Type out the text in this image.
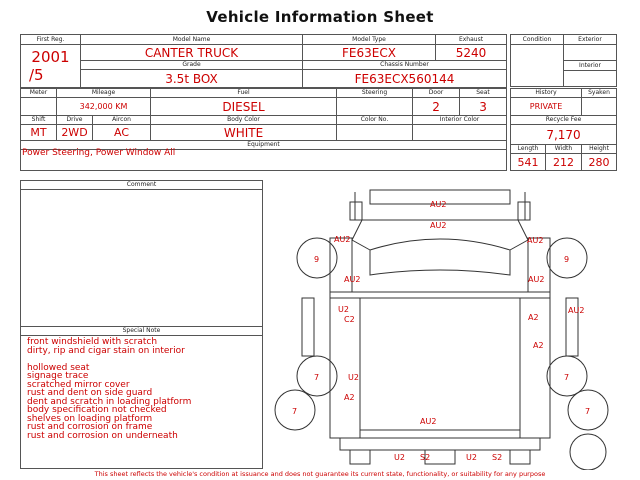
Vehicle Information Sheet
First Reg.	Model Name	Model Type	Exhaust

2001
/5	CANTER TRUCK	FE63ECX	5240
	Grade	Chassis Number	
	3.5t BOX	FE63ECX560144	
Condition	Exterior

	Interior

Meter	Mileage		Fuel	Steering	Door	Seat
	342,000 KM		DIESEL		2	3
Shift	Drive	Aircon	Body Color	Color No.	Interior Color	
MT	2WD	AC	WHITE			
Equipment						
Power Steering, Power Window All
History		Syaken
PRIVATE		
Recycle Fee		
7,170		
Length	Width	Height
541	212	280
Comment
Special Note
front windshield with scratch
dirty, rip and cigar stain on interior
hollowed seat
signage trace
scratched mirror cover
rust and dent on side guard
dent and scratch in loading platform
body specification not checked
shelves on loading platform
rust and corrosion on frame
rust and corrosion on underneath
AU2
AU2
AU2	AU2
AU2	AU2
U2
C2	A2
AU2
A2
U2
A2
AU2
U2 S2	U2 S2
9	9
7	7
7	7
This sheet reflects the vehicle's condition at issuance and does not guarantee its current state, functionality, or suitability for any purpose
